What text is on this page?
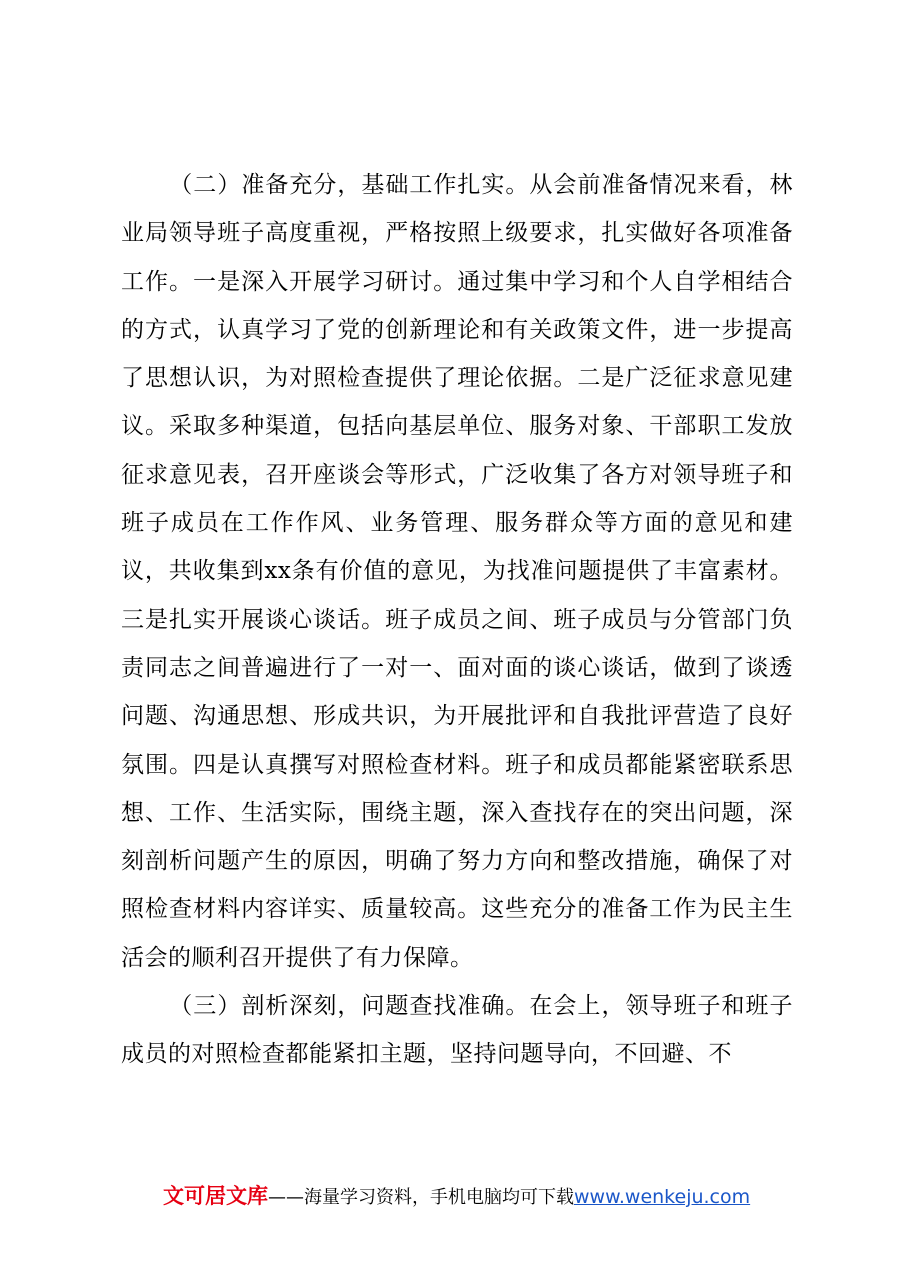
（二）准备充分，基础工作扎实。从会前准备情况来看，林业局领导班子高度重视，严格按照上级要求，扎实做好各项准备工作。一是深入开展学习研讨。通过集中学习和个人自学相结合的方式，认真学习了党的创新理论和有关政策文件，进一步提高了思想认识，为对照检查提供了理论依据。二是广泛征求意见建议。采取多种渠道，包括向基层单位、服务对象、干部职工发放征求意见表，召开座谈会等形式，广泛收集了各方对领导班子和班子成员在工作作风、业务管理、服务群众等方面的意见和建议，共收集到xx条有价值的意见，为找准问题提供了丰富素材。三是扎实开展谈心谈话。班子成员之间、班子成员与分管部门负责同志之间普遍进行了一对一、面对面的谈心谈话，做到了谈透问题、沟通思想、形成共识，为开展批评和自我批评营造了良好氛围。四是认真撰写对照检查材料。班子和成员都能紧密联系思想、工作、生活实际，围绕主题，深入查找存在的突出问题，深刻剖析问题产生的原因，明确了努力方向和整改措施，确保了对照检查材料内容详实、质量较高。这些充分的准备工作为民主生活会的顺利召开提供了有力保障。

（三）剖析深刻，问题查找准确。在会上，领导班子和班子成员的对照检查都能紧扣主题，坚持问题导向，不回避、不

文可居文库——海量学习资料，手机电脑均可下载www.wenkeju.com
